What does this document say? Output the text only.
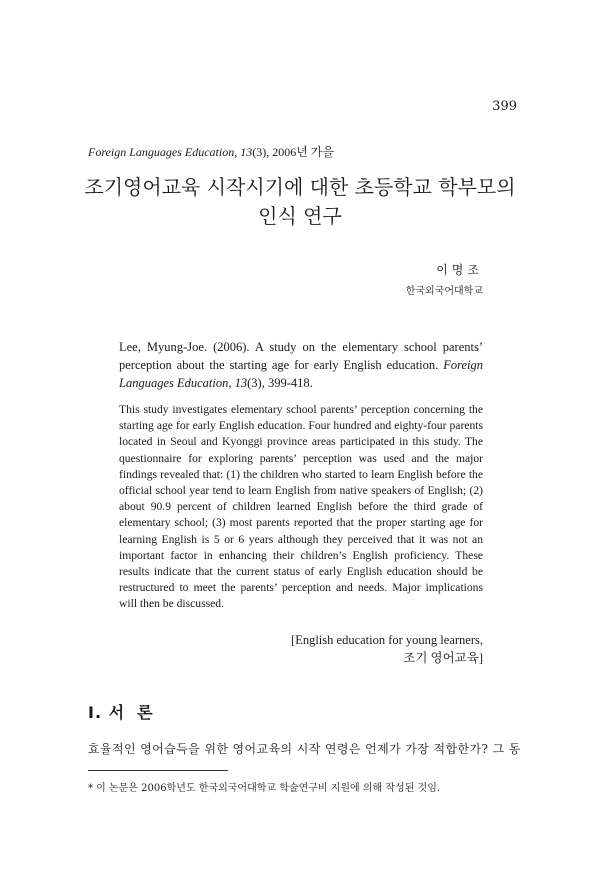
399
Foreign Languages Education, 13(3), 2006년 가을
조기영어교육 시작시기에 대한 초등학교 학부모의
인식 연구
이명조
한국외국어대학교
Lee, Myung-Joe. (2006). A study on the elementary school parents’ perception about the starting age for early English education. Foreign Languages Education, 13(3), 399-418.
This study investigates elementary school parents’ perception concerning the starting age for early English education. Four hundred and eighty-four parents located in Seoul and Kyonggi province areas participated in this study. The questionnaire for exploring parents’ perception was used and the major findings revealed that: (1) the children who started to learn English before the official school year tend to learn English from native speakers of English; (2) about 90.9 percent of children learned English before the third grade of elementary school; (3) most parents reported that the proper starting age for learning English is 5 or 6 years although they perceived that it was not an important factor in enhancing their children’s English proficiency. These results indicate that the current status of early English education should be restructured to meet the parents’ perception and needs. Major implications will then be discussed.
[English education for young learners,
조기 영어교육]
I. 서 론
효율적인 영어습득을 위한 영어교육의 시작 연령은 언제가 가장 적합한가? 그 동
* 이 논문은 2006학년도 한국외국어대학교 학술연구비 지원에 의해 작성된 것임.
